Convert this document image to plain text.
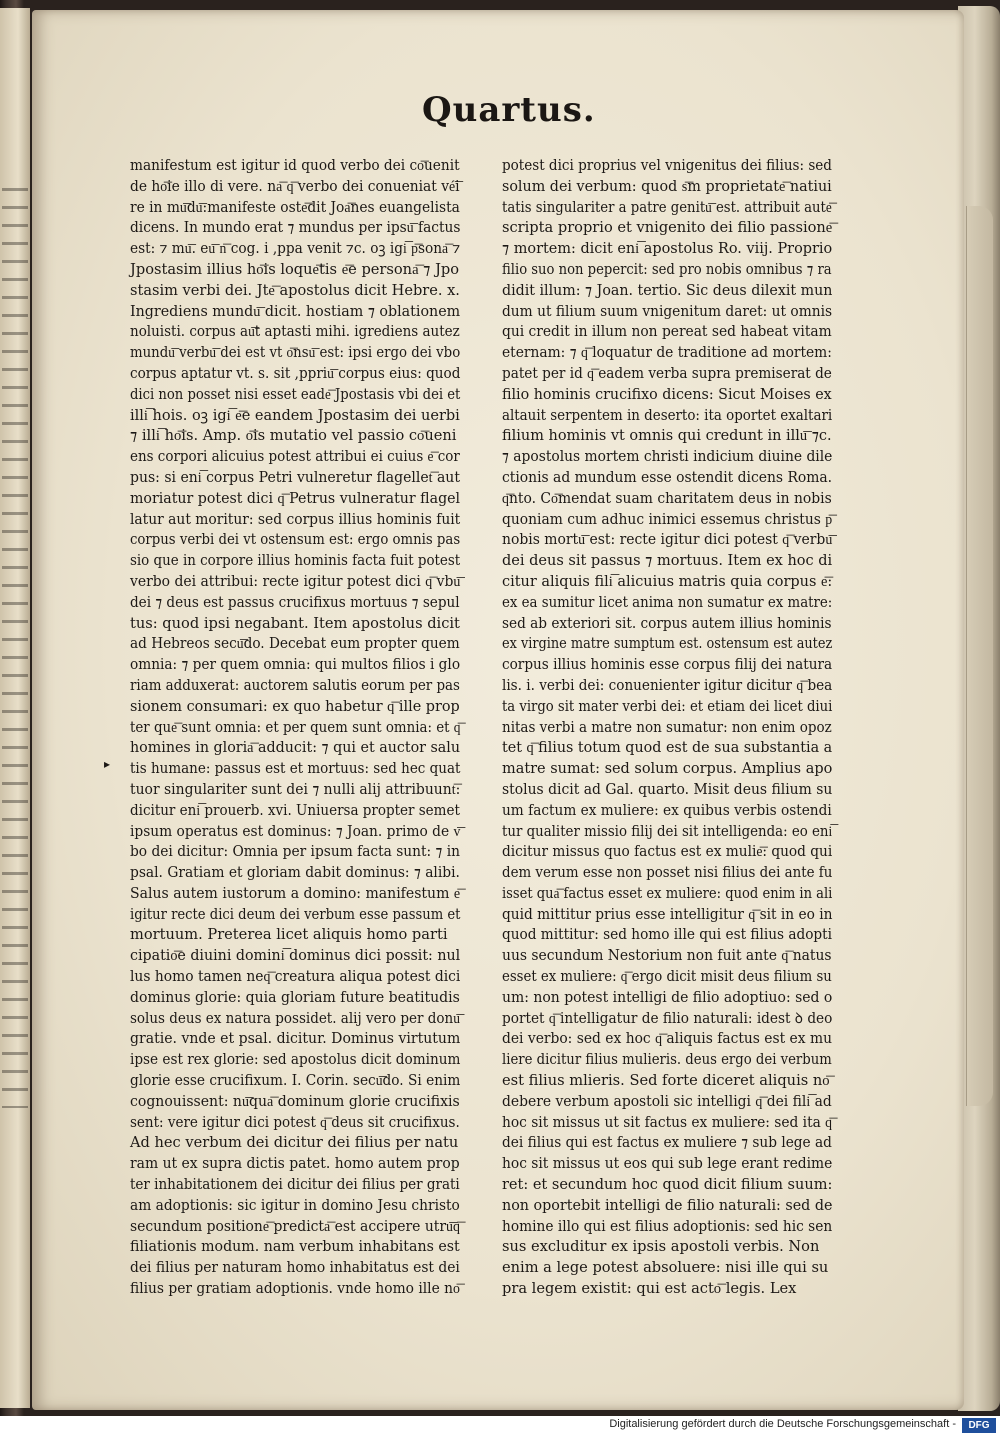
Quartus.
▸
manifestum est igitur id quod verbo dei co͞uenit
de ho͞ie illo di vere. na͞ q͞ verbo dei conueniat vé͞i
re in mu͞du͞:manifeste oste͞dit Joa͞nes euangelista
dicens. In mundo erat ⁊ mundus per ipsu͞ factus
est: ⁊ mu͞. eu͞ n͞ cog. i ,ppa venit ⁊c. oꝫ igi͞ p͞sona͞ ⁊
Jpostasim illius ho͞is loque͞tis e͞e persona͞ ⁊ Jpo
stasim verbi dei. Jte͞ apostolus dicit Hebre. x.
Ingrediens mundu͞ dicit. hostiam ⁊ oblationem
noluisti. corpus au͞t aptasti mihi. igrediens autez
mundu͞ verbu͞ dei est vt o͞nsu͞ est: ipsi ergo dei vbo
corpus aptatur vt. s. sit ,ppriu͞ corpus eius: quod
dici non posset nisi esset eade͞ Jpostasis vbi dei et
illi͞ hois. oꝫ igi͞ e͞e eandem Jpostasim dei uerbi
⁊ illi͞ ho͞is. Amp. o͞is mutatio vel passio co͞ueni
ens corpori alicuius potest attribui ei cuius e͞ cor
pus: si eni͞ corpus Petri vulneretur flagellet͞ aut
moriatur potest dici q͞ Petrus vulneratur flagel
latur aut moritur: sed corpus illius hominis fuit
corpus verbi dei vt ostensum est: ergo omnis pas
sio que in corpore illius hominis facta fuit potest
verbo dei attribui: recte igitur potest dici q͞ vbu͞
dei ⁊ deus est passus crucifixus mortuus ⁊ sepul
tus: quod ipsi negabant. Item apostolus dicit
ad Hebreos secu͞do. Decebat eum propter quem
omnia: ⁊ per quem omnia: qui multos filios i glo
riam adduxerat: auctorem salutis eorum per pas
sionem consumari: ex quo habetur q͞ ille prop
ter que͞ sunt omnia: et per quem sunt omnia: et q͞
homines in gloria͞ adducit: ⁊ qui et auctor salu
tis humane: passus est et mortuus: sed hec quat
tuor singulariter sunt dei ⁊ nulli alij attribuunt͞:
dicitur eni͞ prouerb. xvi. Uniuersa propter semet
ipsum operatus est dominus: ⁊ Joan. primo de v͞
bo dei dicitur: Omnia per ipsum facta sunt: ⁊ in
psal. Gratiam et gloriam dabit dominus: ⁊ alibi.
Salus autem iustorum a domino: manifestum e͞
igitur recte dici deum dei verbum esse passum et
mortuum. Preterea licet aliquis homo parti
cipatio͞e diuini domini͞ dominus dici possit: nul
lus homo tamen neq͞ creatura aliqua potest dici
dominus glorie: quia gloriam future beatitudis
solus deus ex natura possidet. alij vero per donu͞
gratie. vnde et psal. dicitur. Dominus virtutum
ipse est rex glorie: sed apostolus dicit dominum
glorie esse crucifixum. I. Corin. secu͞do. Si enim
cognouissent: nu͞qua͞ dominum glorie crucifixis
sent: vere igitur dici potest q͞ deus sit crucifixus.
Ad hec verbum dei dicitur dei filius per natu
ram ut ex supra dictis patet. homo autem prop
ter inhabitationem dei dicitur dei filius per grati
am adoptionis: sic igitur in domino Jesu christo
secundum positione͞ predicta͞ est accipere utru͞q͞
filiationis modum. nam verbum inhabitans est
dei filius per naturam homo inhabitatus est dei
filius per gratiam adoptionis. vnde homo ille no͞
potest dici proprius vel vnigenitus dei filius: sed
solum dei verbum: quod s͞m proprietate͞ natiui
tatis singulariter a patre genitu͞ est. attribuit aute͞
scripta proprio et vnigenito dei filio passione͞
⁊ mortem: dicit eni͞ apostolus Ro. viij. Proprio
filio suo non pepercit: sed pro nobis omnibus ⁊ ra
didit illum: ⁊ Joan. tertio. Sic deus dilexit mun
dum ut filium suum vnigenitum daret: ut omnis
qui credit in illum non pereat sed habeat vitam
eternam: ⁊ q͞ loquatur de traditione ad mortem:
patet per id q͞ eadem verba supra premiserat de
filio hominis crucifixo dicens: Sicut Moises ex
altauit serpentem in deserto: ita oportet exaltari
filium hominis vt omnis qui credunt in illu͞ ⁊c.
⁊ apostolus mortem christi indicium diuine dile
ctionis ad mundum esse ostendit dicens Roma.
q͞nto. Co͞mendat suam charitatem deus in nobis
quoniam cum adhuc inimici essemus christus p͞
nobis mortu͞ est: recte igitur dici potest q͞ verbu͞
dei deus sit passus ⁊ mortuus. Item ex hoc di
citur aliquis fili͞ alicuius matris quia corpus e͞:
ex ea sumitur licet anima non sumatur ex matre:
sed ab exteriori sit. corpus autem illius hominis
ex virgine matre sumptum est. ostensum est autez
corpus illius hominis esse corpus filij dei natura
lis. i. verbi dei: conuenienter igitur dicitur q͞ bea
ta virgo sit mater verbi dei: et etiam dei licet diui
nitas verbi a matre non sumatur: non enim opoz
tet q͞ filius totum quod est de sua substantia a
matre sumat: sed solum corpus. Amplius apo
stolus dicit ad Gal. quarto. Misit deus filium su
um factum ex muliere: ex quibus verbis ostendi
tur qualiter missio filij dei sit intelligenda: eo eni͞
dicitur missus quo factus est ex mulie͞: quod qui
dem verum esse non posset nisi filius dei ante fu
isset qua͞ factus esset ex muliere: quod enim in ali
quid mittitur prius esse intelligitur q͞ sit in eo in
quod mittitur: sed homo ille qui est filius adopti
uus secundum Nestorium non fuit ante q͞ natus
esset ex muliere: q͞ ergo dicit misit deus filium su
um: non potest intelligi de filio adoptiuo: sed o
portet q͞ intelligatur de filio naturali: idest ꝺ deo
dei verbo: sed ex hoc q͞ aliquis factus est ex mu
liere dicitur filius mulieris. deus ergo dei verbum
est filius mlieris. Sed forte diceret aliquis no͞
debere verbum apostoli sic intelligi q͞ dei fili͞ ad
hoc sit missus ut sit factus ex muliere: sed ita q͞
dei filius qui est factus ex muliere ⁊ sub lege ad
hoc sit missus ut eos qui sub lege erant redime
ret: et secundum hoc quod dicit filium suum:
non oportebit intelligi de filio naturali: sed de
homine illo qui est filius adoptionis: sed hic sen
sus excluditur ex ipsis apostoli verbis. Non
enim a lege potest absoluere: nisi ille qui su
pra legem existit: qui est acto͞ legis. Lex
Digitalisierung gefördert durch die Deutsche Forschungsgemeinschaft -	DFG
